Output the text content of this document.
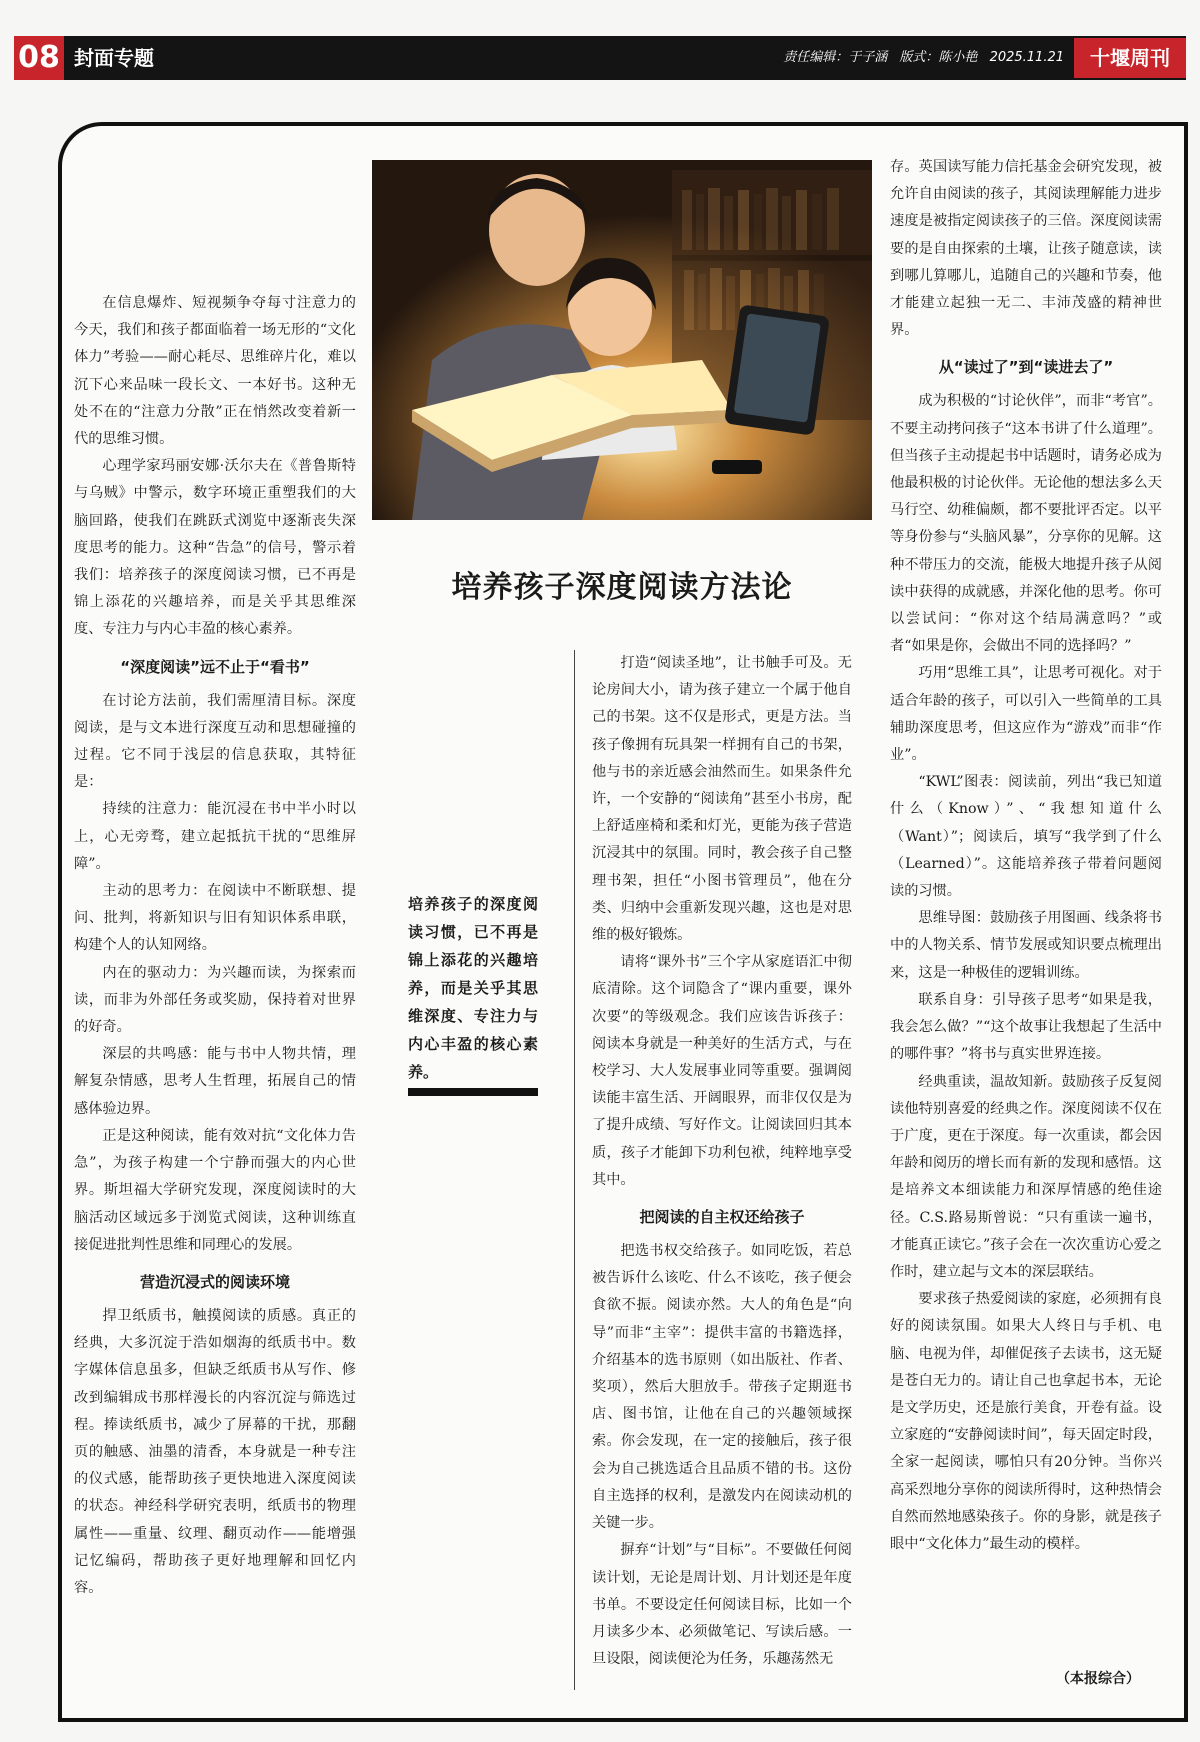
08 封面专题	责任编辑：于子涵 版式：陈小艳 2025.11.21	十堰周刊
培养孩子深度阅读方法论
培养孩子的深度阅读习惯，已不再是锦上添花的兴趣培养，而是关乎其思维深度、专注力与内心丰盈的核心素养。

在信息爆炸、短视频争夺每寸注意力的今天，我们和孩子都面临着一场无形的“文化体力”考验——耐心耗尽、思维碎片化，难以沉下心来品味一段长文、一本好书。这种无处不在的“注意力分散”正在悄然改变着新一代的思维习惯。

心理学家玛丽安娜·沃尔夫在《普鲁斯特与乌贼》中警示，数字环境正重塑我们的大脑回路，使我们在跳跃式浏览中逐渐丧失深度思考的能力。这种“告急”的信号，警示着我们：培养孩子的深度阅读习惯，已不再是锦上添花的兴趣培养，而是关乎其思维深度、专注力与内心丰盈的核心素养。

“深度阅读”远不止于“看书”

在讨论方法前，我们需厘清目标。深度阅读，是与文本进行深度互动和思想碰撞的过程。它不同于浅层的信息获取，其特征是：

持续的注意力：能沉浸在书中半小时以上，心无旁骛，建立起抵抗干扰的“思维屏障”。

主动的思考力：在阅读中不断联想、提问、批判，将新知识与旧有知识体系串联，构建个人的认知网络。

内在的驱动力：为兴趣而读，为探索而读，而非为外部任务或奖励，保持着对世界的好奇。

深层的共鸣感：能与书中人物共情，理解复杂情感，思考人生哲理，拓展自己的情感体验边界。

正是这种阅读，能有效对抗“文化体力告急”，为孩子构建一个宁静而强大的内心世界。斯坦福大学研究发现，深度阅读时的大脑活动区域远多于浏览式阅读，这种训练直接促进批判性思维和同理心的发展。

营造沉浸式的阅读环境

捍卫纸质书，触摸阅读的质感。真正的经典，大多沉淀于浩如烟海的纸质书中。数字媒体信息虽多，但缺乏纸质书从写作、修改到编辑成书那样漫长的内容沉淀与筛选过程。捧读纸质书，减少了屏幕的干扰，那翻页的触感、油墨的清香，本身就是一种专注的仪式感，能帮助孩子更快地进入深度阅读的状态。神经科学研究表明，纸质书的物理属性——重量、纹理、翻页动作——能增强记忆编码，帮助孩子更好地理解和回忆内容。

打造“阅读圣地”，让书触手可及。无论房间大小，请为孩子建立一个属于他自己的书架。这不仅是形式，更是方法。当孩子像拥有玩具架一样拥有自己的书架，他与书的亲近感会油然而生。如果条件允许，一个安静的“阅读角”甚至小书房，配上舒适座椅和柔和灯光，更能为孩子营造沉浸其中的氛围。同时，教会孩子自己整理书架，担任“小图书管理员”，他在分类、归纳中会重新发现兴趣，这也是对思维的极好锻炼。

请将“课外书”三个字从家庭语汇中彻底清除。这个词隐含了“课内重要，课外次要”的等级观念。我们应该告诉孩子：阅读本身就是一种美好的生活方式，与在校学习、大人发展事业同等重要。强调阅读能丰富生活、开阔眼界，而非仅仅是为了提升成绩、写好作文。让阅读回归其本质，孩子才能卸下功利包袱，纯粹地享受其中。

把阅读的自主权还给孩子

把选书权交给孩子。如同吃饭，若总被告诉什么该吃、什么不该吃，孩子便会食欲不振。阅读亦然。大人的角色是“向导”而非“主宰”：提供丰富的书籍选择，介绍基本的选书原则（如出版社、作者、奖项），然后大胆放手。带孩子定期逛书店、图书馆，让他在自己的兴趣领域探索。你会发现，在一定的接触后，孩子很会为自己挑选适合且品质不错的书。这份自主选择的权利，是激发内在阅读动机的关键一步。

摒弃“计划”与“目标”。不要做任何阅读计划，无论是周计划、月计划还是年度书单。不要设定任何阅读目标，比如一个月读多少本、必须做笔记、写读后感。一旦设限，阅读便沦为任务，乐趣荡然无

存。英国读写能力信托基金会研究发现，被允许自由阅读的孩子，其阅读理解能力进步速度是被指定阅读孩子的三倍。深度阅读需要的是自由探索的土壤，让孩子随意读，读到哪儿算哪儿，追随自己的兴趣和节奏，他才能建立起独一无二、丰沛茂盛的精神世界。

从“读过了”到“读进去了”

成为积极的“讨论伙伴”，而非“考官”。不要主动拷问孩子“这本书讲了什么道理”。但当孩子主动提起书中话题时，请务必成为他最积极的讨论伙伴。无论他的想法多么天马行空、幼稚偏颇，都不要批评否定。以平等身份参与“头脑风暴”，分享你的见解。这种不带压力的交流，能极大地提升孩子从阅读中获得的成就感，并深化他的思考。你可以尝试问：“你对这个结局满意吗？”或者“如果是你，会做出不同的选择吗？”

巧用“思维工具”，让思考可视化。对于适合年龄的孩子，可以引入一些简单的工具辅助深度思考，但这应作为“游戏”而非“作业”。

“KWL”图表：阅读前，列出“我已知道什么（Know）”、“我想知道什么（Want）”；阅读后，填写“我学到了什么（Learned）”。这能培养孩子带着问题阅读的习惯。

思维导图：鼓励孩子用图画、线条将书中的人物关系、情节发展或知识要点梳理出来，这是一种极佳的逻辑训练。

联系自身：引导孩子思考“如果是我，我会怎么做？”“这个故事让我想起了生活中的哪件事？”将书与真实世界连接。

经典重读，温故知新。鼓励孩子反复阅读他特别喜爱的经典之作。深度阅读不仅在于广度，更在于深度。每一次重读，都会因年龄和阅历的增长而有新的发现和感悟。这是培养文本细读能力和深厚情感的绝佳途径。C.S.路易斯曾说：“只有重读一遍书，才能真正读它。”孩子会在一次次重访心爱之作时，建立起与文本的深层联结。

要求孩子热爱阅读的家庭，必须拥有良好的阅读氛围。如果大人终日与手机、电脑、电视为伴，却催促孩子去读书，这无疑是苍白无力的。请让自己也拿起书本，无论是文学历史，还是旅行美食，开卷有益。设立家庭的“安静阅读时间”，每天固定时段，全家一起阅读，哪怕只有20分钟。当你兴高采烈地分享你的阅读所得时，这种热情会自然而然地感染孩子。你的身影，就是孩子眼中“文化体力”最生动的模样。

（本报综合）
